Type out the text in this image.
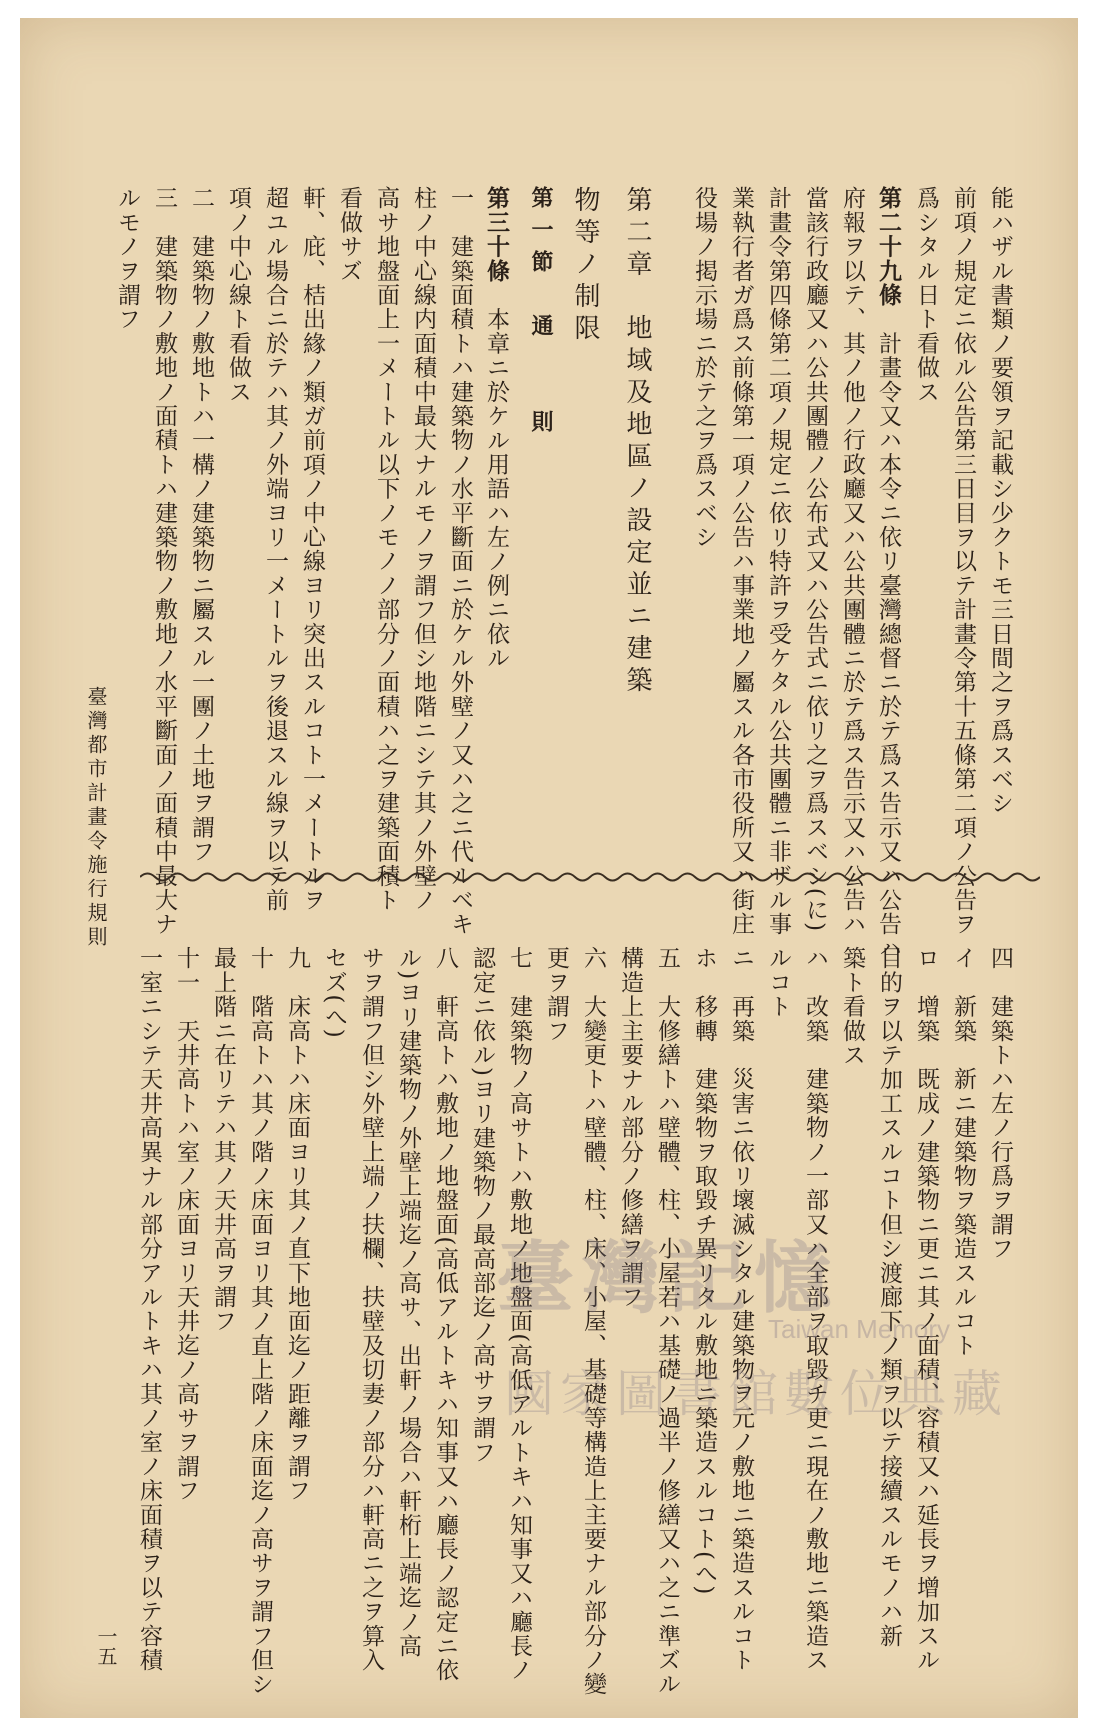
能ハザル書類ノ要領ヲ記載シ少クトモ三日間之ヲ爲スベシ
前項ノ規定ニ依ル公告第三日目ヲ以テ計畫令第十五條第二項ノ公告ヲ
爲シタル日ト看做ス
第二十九條　計畫令又ハ本令ニ依リ臺灣總督ニ於テ爲ス告示又ハ公告ハ
府報ヲ以テ、其ノ他ノ行政廳又ハ公共團體ニ於テ爲ス告示又ハ公告ハ
當該行政廳又ハ公共團體ノ公布式又ハ公告式ニ依リ之ヲ爲スベシ(に)
計畫令第四條第二項ノ規定ニ依リ特許ヲ受ケタル公共團體ニ非ザル事
業執行者ガ爲ス前條第一項ノ公告ハ事業地ノ屬スル各市役所又ハ街庄
役場ノ掲示場ニ於テ之ヲ爲スベシ
第二章　地域及地區ノ設定並ニ建築
物等ノ制限
第一節　通　　則
第三十條　本章ニ於ケル用語ハ左ノ例ニ依ル
一　建築面積トハ建築物ノ水平斷面ニ於ケル外壁ノ又ハ之ニ代ルベキ
柱ノ中心線内面積中最大ナルモノヲ謂フ但シ地階ニシテ其ノ外壁ノ
高サ地盤面上一メートル以下ノモノノ部分ノ面積ハ之ヲ建築面積ト
看做サズ
軒、庇、桔出緣ノ類ガ前項ノ中心線ヨリ突出スルコト一メートルヲ
超ユル場合ニ於テハ其ノ外端ヨリ一メートルヲ後退スル線ヲ以テ前
項ノ中心線ト看做ス
二　建築物ノ敷地トハ一構ノ建築物ニ屬スル一團ノ土地ヲ謂フ
三　建築物ノ敷地ノ面積トハ建築物ノ敷地ノ水平斷面ノ面積中最大ナ
ルモノヲ謂フ
四　建築トハ左ノ行爲ヲ謂フ
イ　新築　新ニ建築物ヲ築造スルコト
ロ　增築　既成ノ建築物ニ更ニ其ノ面積、容積又ハ延長ヲ增加スル
目的ヲ以テ加工スルコト但シ渡廊下ノ類ヲ以テ接續スルモノハ新
築ト看做ス
ハ　改築　建築物ノ一部又ハ全部ヲ取毀チ更ニ現在ノ敷地ニ築造ス
ルコト
ニ　再築　災害ニ依リ壞滅シタル建築物ヲ元ノ敷地ニ築造スルコト
ホ　移轉　建築物ヲ取毀チ異リタル敷地ニ築造スルコト(へ)
五　大修繕トハ壁體、柱、小屋若ハ基礎ノ過半ノ修繕又ハ之ニ準ズル
構造上主要ナル部分ノ修繕ヲ謂フ
六　大變更トハ壁體、柱、床、小屋、基礎等構造上主要ナル部分ノ變
更ヲ謂フ
七　建築物ノ高サトハ敷地ノ地盤面(高低アルトキハ知事又ハ廳長ノ
認定ニ依ル)ヨリ建築物ノ最高部迄ノ高サヲ謂フ
八　軒高トハ敷地ノ地盤面(高低アルトキハ知事又ハ廳長ノ認定ニ依
ル)ヨリ建築物ノ外壁上端迄ノ高サ、出軒ノ場合ハ軒桁上端迄ノ高
サヲ謂フ但シ外壁上端ノ扶欄、扶壁及切妻ノ部分ハ軒高ニ之ヲ算入
セズ(へ)
九　床高トハ床面ヨリ其ノ直下地面迄ノ距離ヲ謂フ
十　階高トハ其ノ階ノ床面ヨリ其ノ直上階ノ床面迄ノ高サヲ謂フ但シ
最上階ニ在リテハ其ノ天井高ヲ謂フ
十一　天井高トハ室ノ床面ヨリ天井迄ノ高サヲ謂フ
一室ニシテ天井高異ナル部分アルトキハ其ノ室ノ床面積ヲ以テ容積
臺灣都市計畫令施行規則
一五
臺灣記憶
Taiwan Memory
國家圖書館數位典藏
